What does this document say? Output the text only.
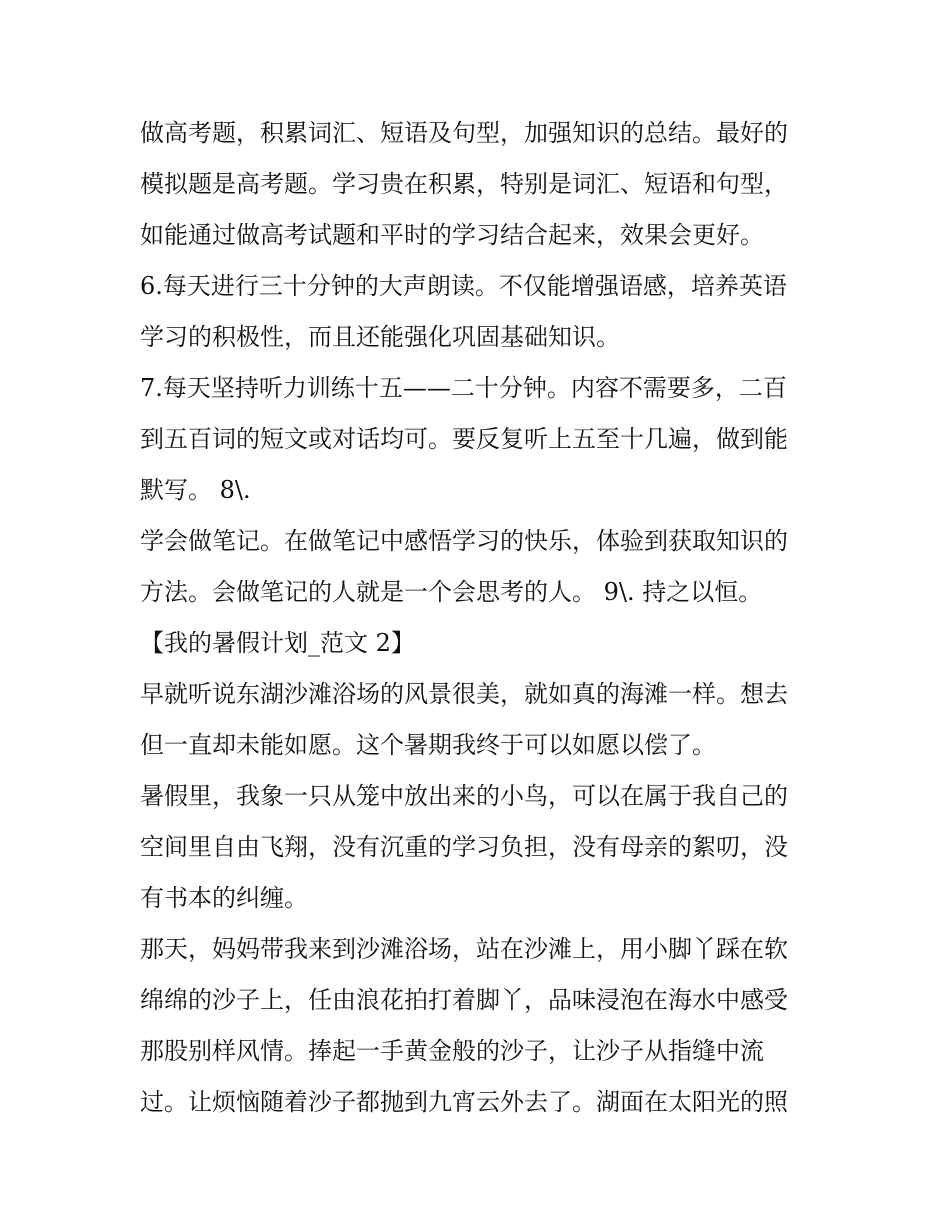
做高考题，积累词汇、短语及句型，加强知识的总结。最好的
模拟题是高考题。学习贵在积累，特别是词汇、短语和句型，
如能通过做高考试题和平时的学习结合起来，效果会更好。
6.每天进行三十分钟的大声朗读。不仅能增强语感，培养英语
学习的积极性，而且还能强化巩固基础知识。
7.每天坚持听力训练十五——二十分钟。内容不需要多，二百
到五百词的短文或对话均可。要反复听上五至十几遍，做到能
默写。 8\.
学会做笔记。在做笔记中感悟学习的快乐，体验到获取知识的
方法。会做笔记的人就是一个会思考的人。 9\. 持之以恒。
【我的暑假计划_范文 2】
早就听说东湖沙滩浴场的风景很美，就如真的海滩一样。想去
但一直却未能如愿。这个暑期我终于可以如愿以偿了。
暑假里，我象一只从笼中放出来的小鸟，可以在属于我自己的
空间里自由飞翔，没有沉重的学习负担，没有母亲的絮叨，没
有书本的纠缠。
那天，妈妈带我来到沙滩浴场，站在沙滩上，用小脚丫踩在软
绵绵的沙子上，任由浪花拍打着脚丫，品味浸泡在海水中感受
那股别样风情。捧起一手黄金般的沙子，让沙子从指缝中流
过。让烦恼随着沙子都抛到九宵云外去了。湖面在太阳光的照
